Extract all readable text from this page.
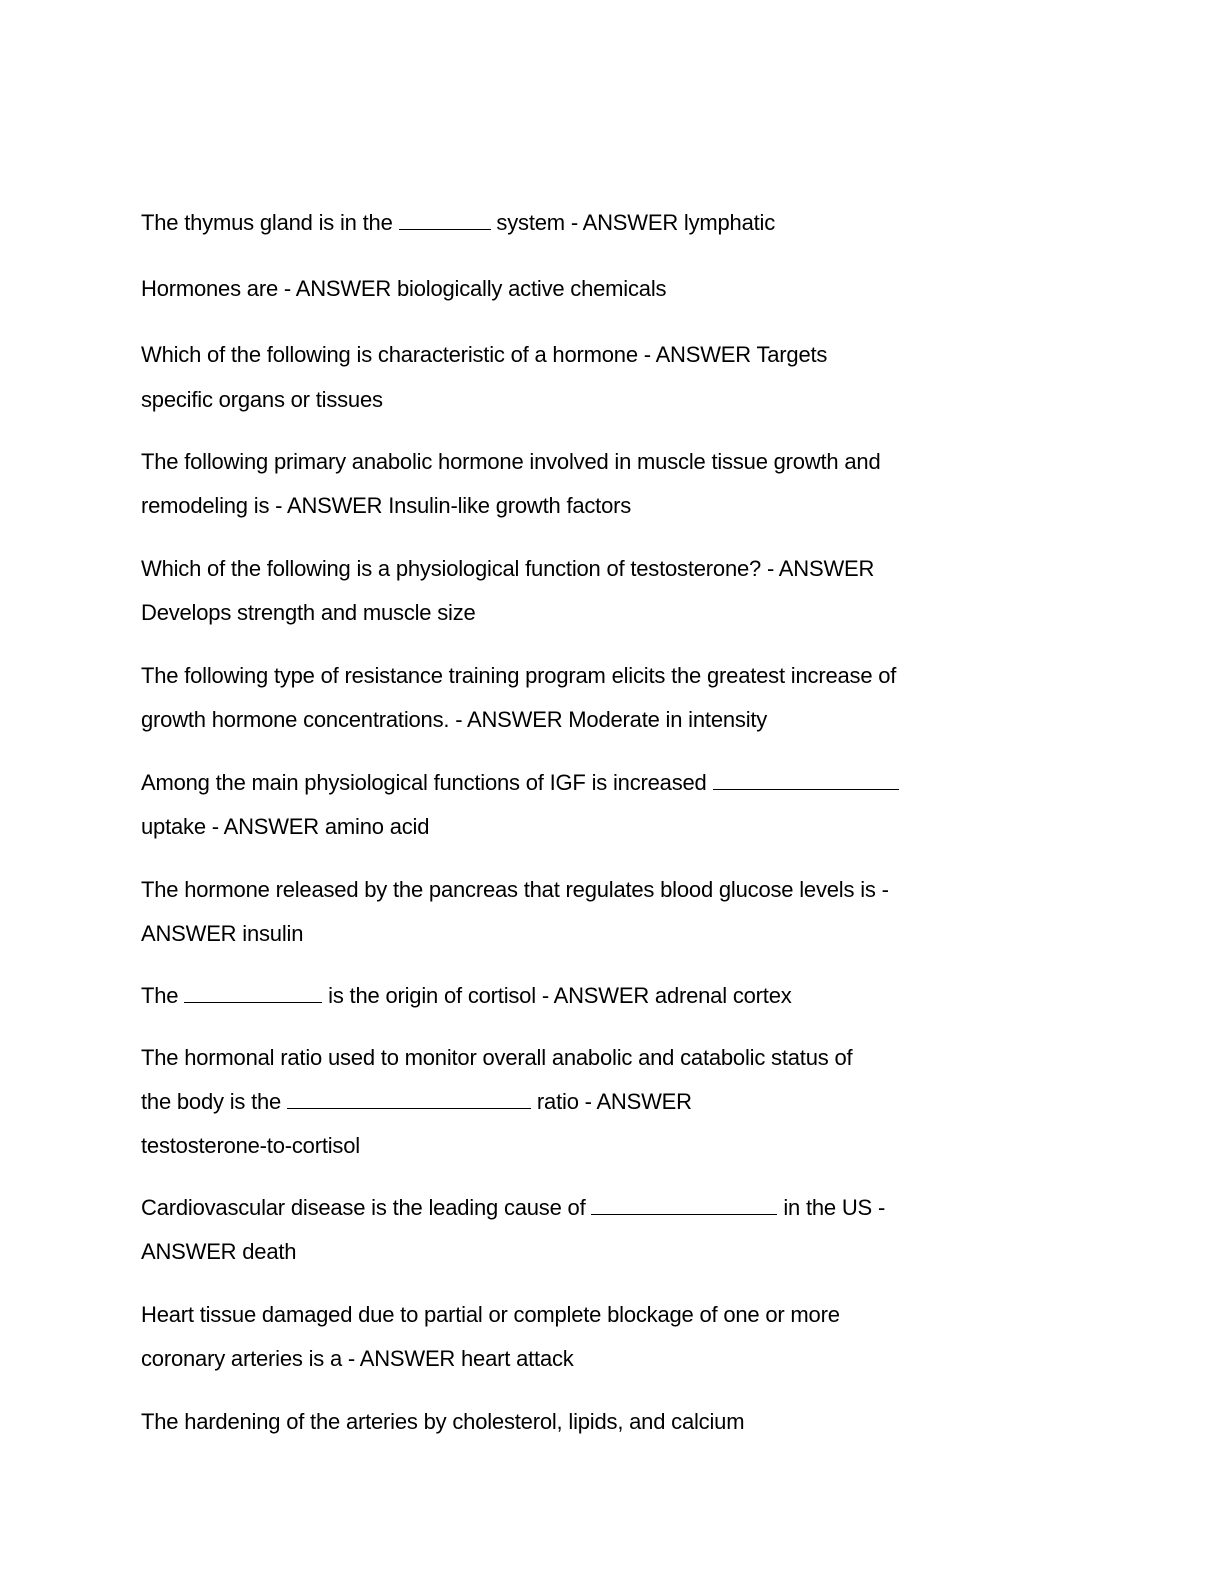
The thymus gland is in the	system - ANSWER lymphatic
Hormones are - ANSWER biologically active chemicals
Which of the following is characteristic of a hormone - ANSWER Targets
specific organs or tissues
The following primary anabolic hormone involved in muscle tissue growth and
remodeling is - ANSWER Insulin-like growth factors
Which of the following is a physiological function of testosterone? - ANSWER
Develops strength and muscle size
The following type of resistance training program elicits the greatest increase of
growth hormone concentrations. - ANSWER Moderate in intensity
Among the main physiological functions of IGF is increased
uptake - ANSWER amino acid
The hormone released by the pancreas that regulates blood glucose levels is -
ANSWER insulin
The	is the origin of cortisol - ANSWER adrenal cortex
The hormonal ratio used to monitor overall anabolic and catabolic status of
the body is the	ratio - ANSWER
testosterone-to-cortisol
Cardiovascular disease is the leading cause of	in the US -
ANSWER death
Heart tissue damaged due to partial or complete blockage of one or more
coronary arteries is a - ANSWER heart attack
The hardening of the arteries by cholesterol, lipids, and calcium
